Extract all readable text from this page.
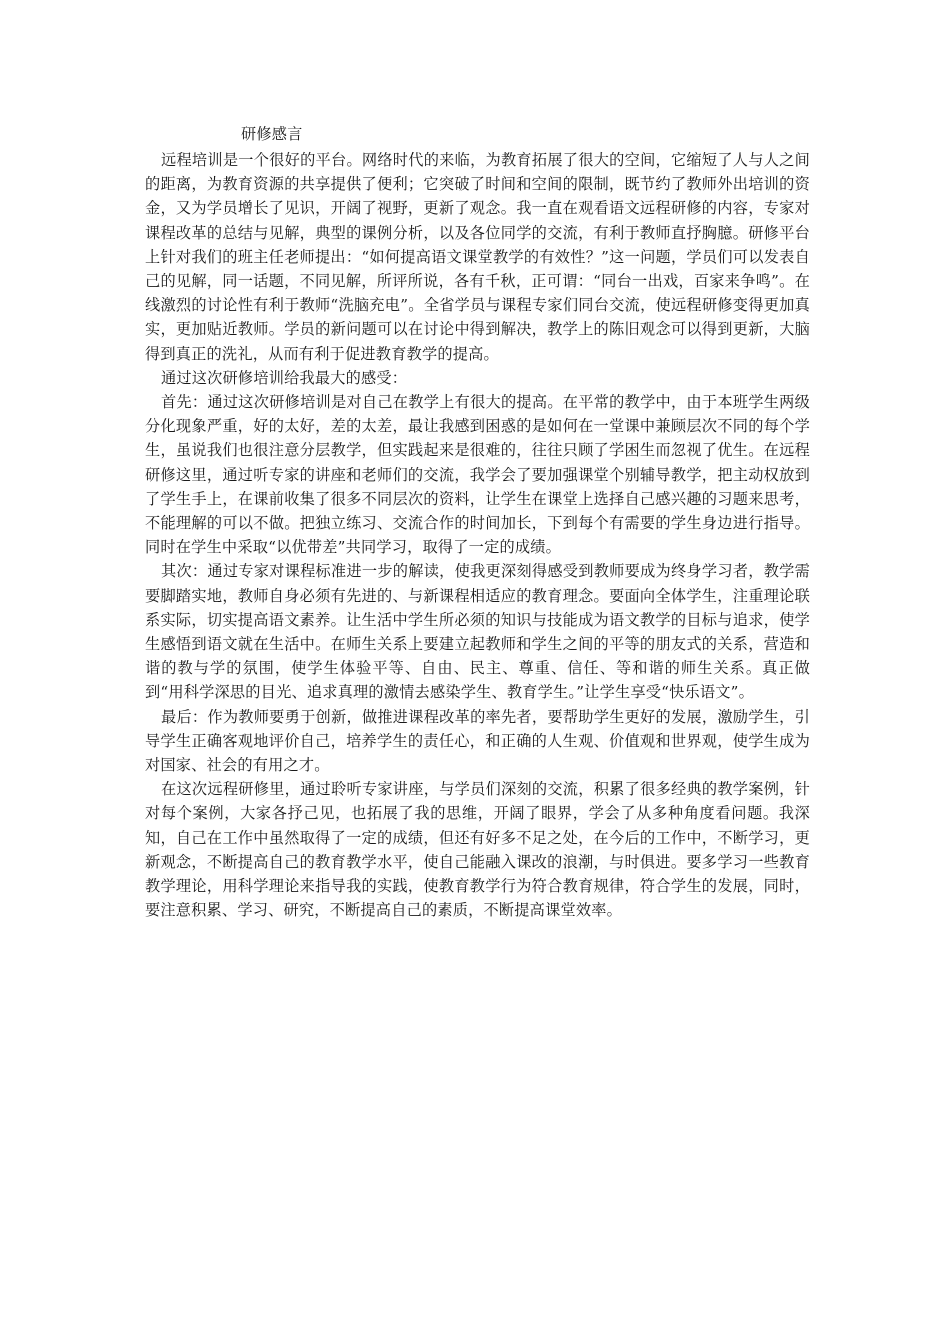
研修感言

远程培训是一个很好的平台。网络时代的来临，为教育拓展了很大的空间，它缩短了人与人之间的距离，为教育资源的共享提供了便利；它突破了时间和空间的限制，既节约了教师外出培训的资金，又为学员增长了见识，开阔了视野，更新了观念。我一直在观看语文远程研修的内容，专家对课程改革的总结与见解，典型的课例分析，以及各位同学的交流，有利于教师直抒胸臆。研修平台上针对我们的班主任老师提出：“如何提高语文课堂教学的有效性？”这一问题，学员们可以发表自己的见解，同一话题，不同见解，所评所说，各有千秋，正可谓：“同台一出戏，百家来争鸣”。在线激烈的讨论性有利于教师“洗脑充电”。全省学员与课程专家们同台交流，使远程研修变得更加真实，更加贴近教师。学员的新问题可以在讨论中得到解决，教学上的陈旧观念可以得到更新，大脑得到真正的洗礼，从而有利于促进教育教学的提高。

通过这次研修培训给我最大的感受：

首先：通过这次研修培训是对自己在教学上有很大的提高。在平常的教学中，由于本班学生两级分化现象严重，好的太好，差的太差，最让我感到困惑的是如何在一堂课中兼顾层次不同的每个学生，虽说我们也很注意分层教学，但实践起来是很难的，往往只顾了学困生而忽视了优生。在远程研修这里，通过听专家的讲座和老师们的交流，我学会了要加强课堂个别辅导教学，把主动权放到了学生手上，在课前收集了很多不同层次的资料，让学生在课堂上选择自己感兴趣的习题来思考，不能理解的可以不做。把独立练习、交流合作的时间加长，下到每个有需要的学生身边进行指导。同时在学生中采取“以优带差”共同学习，取得了一定的成绩。

其次：通过专家对课程标准进一步的解读，使我更深刻得感受到教师要成为终身学习者，教学需要脚踏实地，教师自身必须有先进的、与新课程相适应的教育理念。要面向全体学生，注重理论联系实际，切实提高语文素养。让生活中学生所必须的知识与技能成为语文教学的目标与追求，使学生感悟到语文就在生活中。在师生关系上要建立起教师和学生之间的平等的朋友式的关系，营造和谐的教与学的氛围，使学生体验平等、自由、民主、尊重、信任、等和谐的师生关系。真正做到“用科学深思的目光、追求真理的激情去感染学生、教育学生。”让学生享受“快乐语文”。

最后：作为教师要勇于创新，做推进课程改革的率先者，要帮助学生更好的发展，激励学生，引导学生正确客观地评价自己，培养学生的责任心，和正确的人生观、价值观和世界观，使学生成为对国家、社会的有用之才。

在这次远程研修里，通过聆听专家讲座，与学员们深刻的交流，积累了很多经典的教学案例，针对每个案例，大家各抒己见，也拓展了我的思维，开阔了眼界，学会了从多种角度看问题。我深知，自己在工作中虽然取得了一定的成绩，但还有好多不足之处，在今后的工作中，不断学习，更新观念，不断提高自己的教育教学水平，使自己能融入课改的浪潮，与时俱进。要多学习一些教育教学理论，用科学理论来指导我的实践，使教育教学行为符合教育规律，符合学生的发展，同时，要注意积累、学习、研究，不断提高自己的素质，不断提高课堂效率。
